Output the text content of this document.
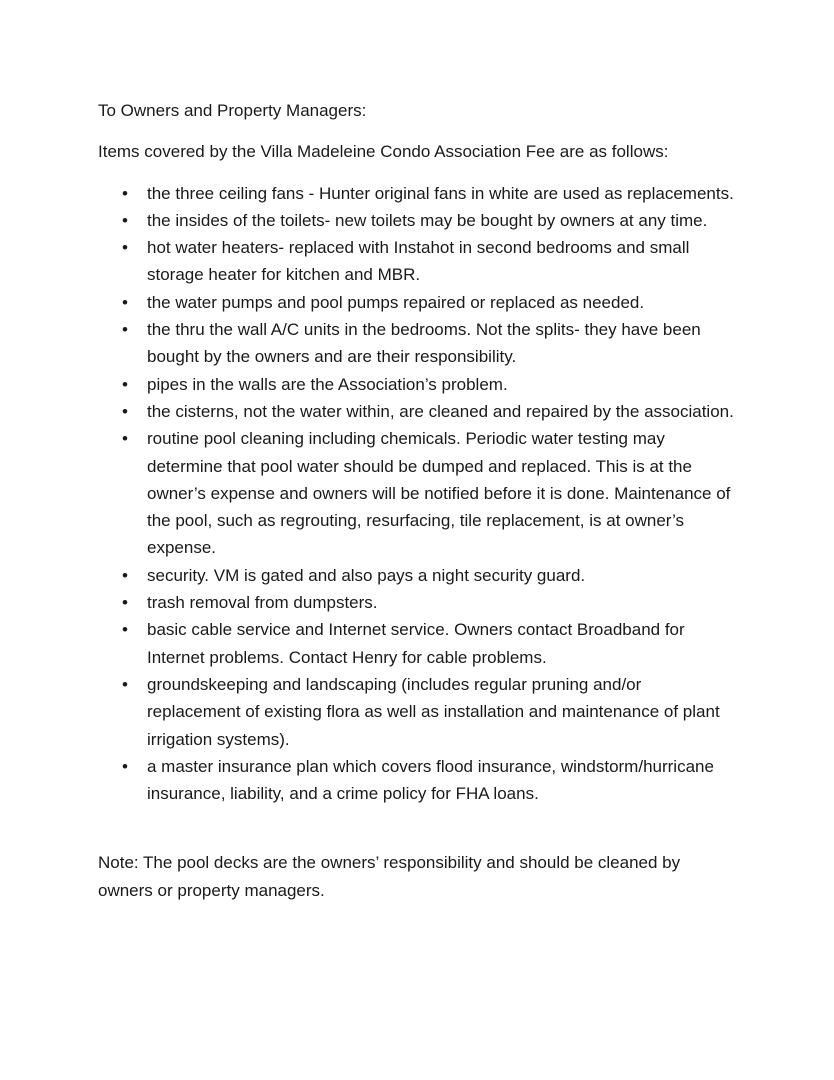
To Owners and Property Managers:

Items covered by the Villa Madeleine Condo Association Fee are as follows:

• the three ceiling fans - Hunter original fans in white are used as replacements.
• the insides of the toilets- new toilets may be bought by owners at any time.
• hot water heaters- replaced with Instahot in second bedrooms and small storage heater for kitchen and MBR.
• the water pumps and pool pumps repaired or replaced as needed.
• the thru the wall A/C units in the bedrooms. Not the splits- they have been bought by the owners and are their responsibility.
• pipes in the walls are the Association’s problem.
• the cisterns, not the water within, are cleaned and repaired by the association.
• routine pool cleaning including chemicals. Periodic water testing may determine that pool water should be dumped and replaced. This is at the owner’s expense and owners will be notified before it is done. Maintenance of the pool, such as regrouting, resurfacing, tile replacement, is at owner’s expense.
• security. VM is gated and also pays a night security guard.
• trash removal from dumpsters.
• basic cable service and Internet service. Owners contact Broadband for Internet problems. Contact Henry for cable problems.
• groundskeeping and landscaping (includes regular pruning and/or replacement of existing flora as well as installation and maintenance of plant irrigation systems).
• a master insurance plan which covers flood insurance, windstorm/hurricane insurance, liability, and a crime policy for FHA loans.

Note: The pool decks are the owners’ responsibility and should be cleaned by owners or property managers.
